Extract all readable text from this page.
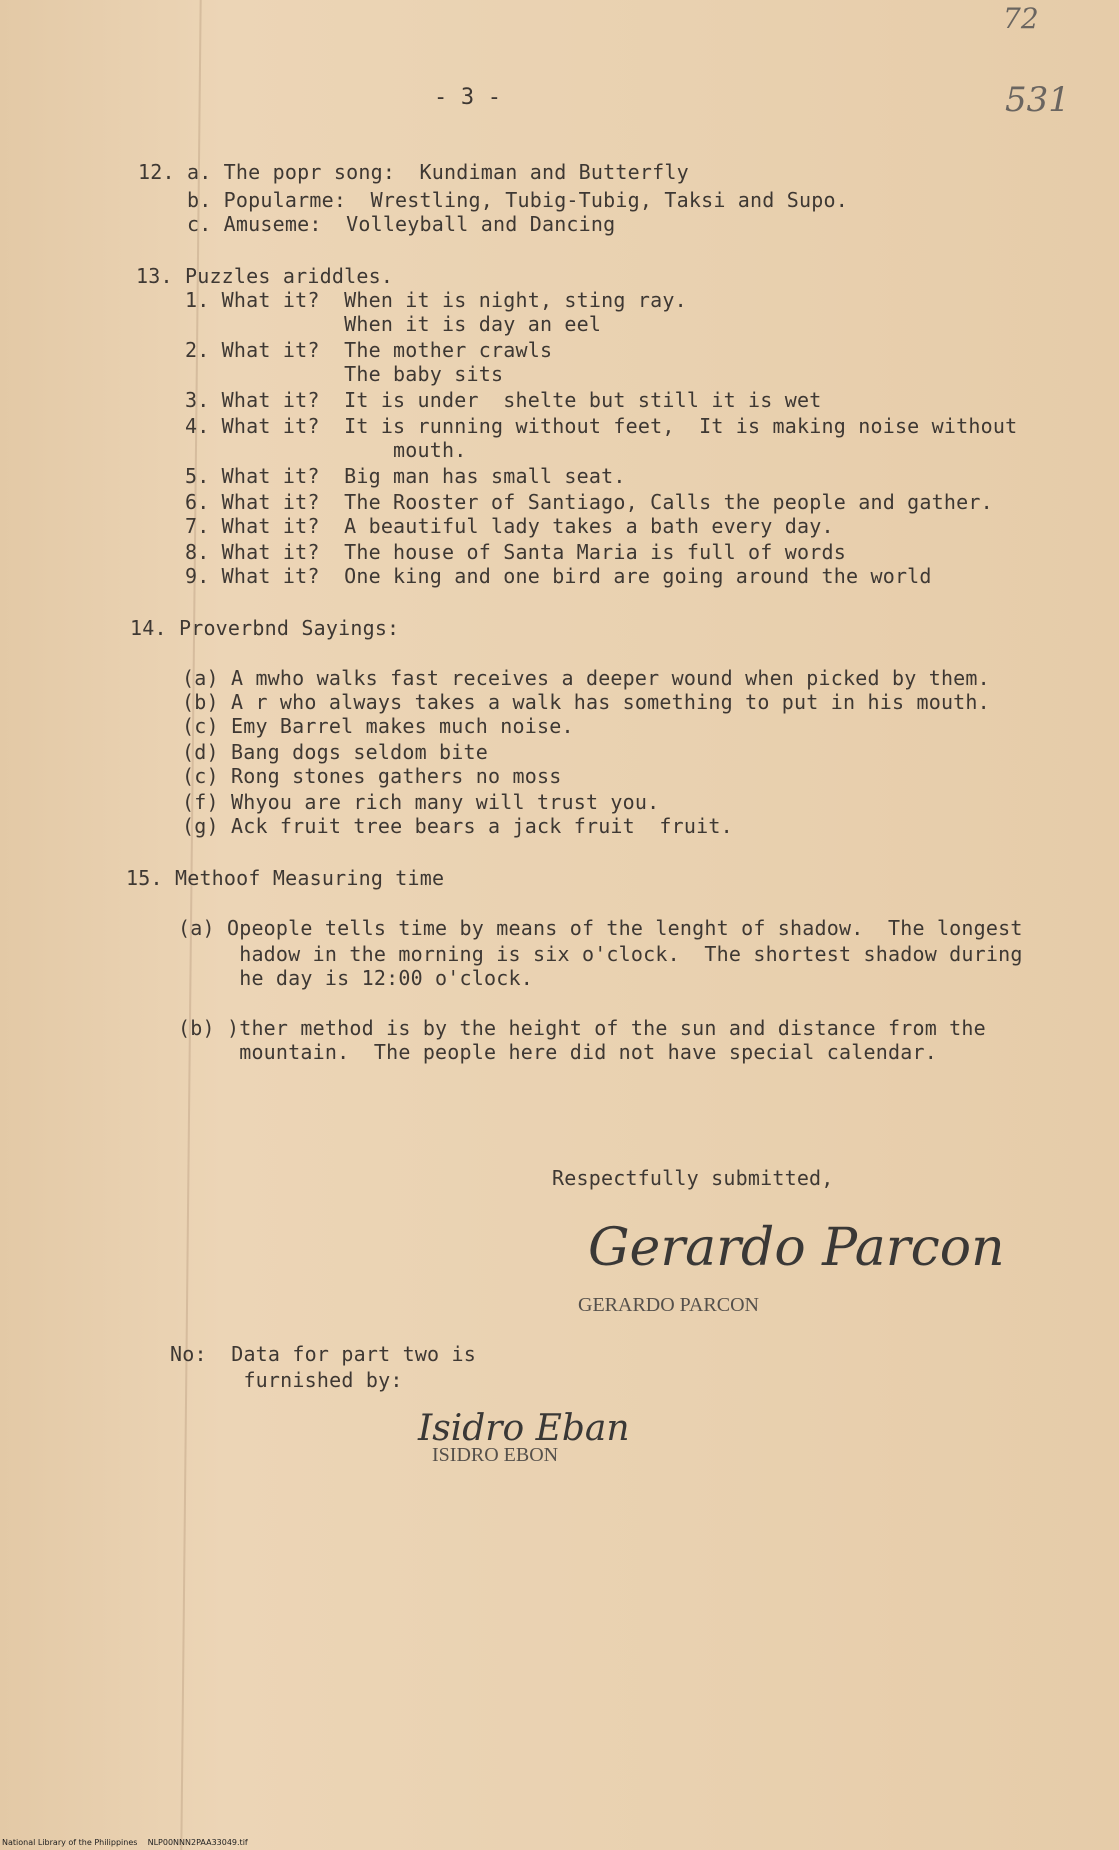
72
531
- 3 -
12. a. The popr song:  Kundiman and Butterfly
b. Popularme:  Wrestling, Tubig-Tubig, Taksi and Supo.
c. Amuseme:  Volleyball and Dancing
13. Puzzles ariddles.
1. What it?  When it is night, sting ray.
When it is day an eel
2. What it?  The mother crawls
The baby sits
3. What it?  It is under  shelte but still it is wet
4. What it?  It is running without feet,  It is making noise without
mouth.
5. What it?  Big man has small seat.
6. What it?  The Rooster of Santiago, Calls the people and gather.
7. What it?  A beautiful lady takes a bath every day.
8. What it?  The house of Santa Maria is full of words
9. What it?  One king and one bird are going around the world
14. Proverbnd Sayings:
(a) A mwho walks fast receives a deeper wound when picked by them.
(b) A r who always takes a walk has something to put in his mouth.
(c) Emy Barrel makes much noise.
(d) Bang dogs seldom bite
(c) Rong stones gathers no moss
(f) Whyou are rich many will trust you.
(g) Ack fruit tree bears a jack fruit  fruit.
15. Methoof Measuring time
(a) Opeople tells time by means of the lenght of shadow.  The longest
hadow in the morning is six o'clock.  The shortest shadow during
he day is 12:00 o'clock.
(b) )ther method is by the height of the sun and distance from the
mountain.  The people here did not have special calendar.
Respectfully submitted,
Gerardo Parcon
GERARDO PARCON
No:  Data for part two is
furnished by:
Isidro Eban
ISIDRO EBON
National Library of the Philippines    NLP00NNN2PAA33049.tif
